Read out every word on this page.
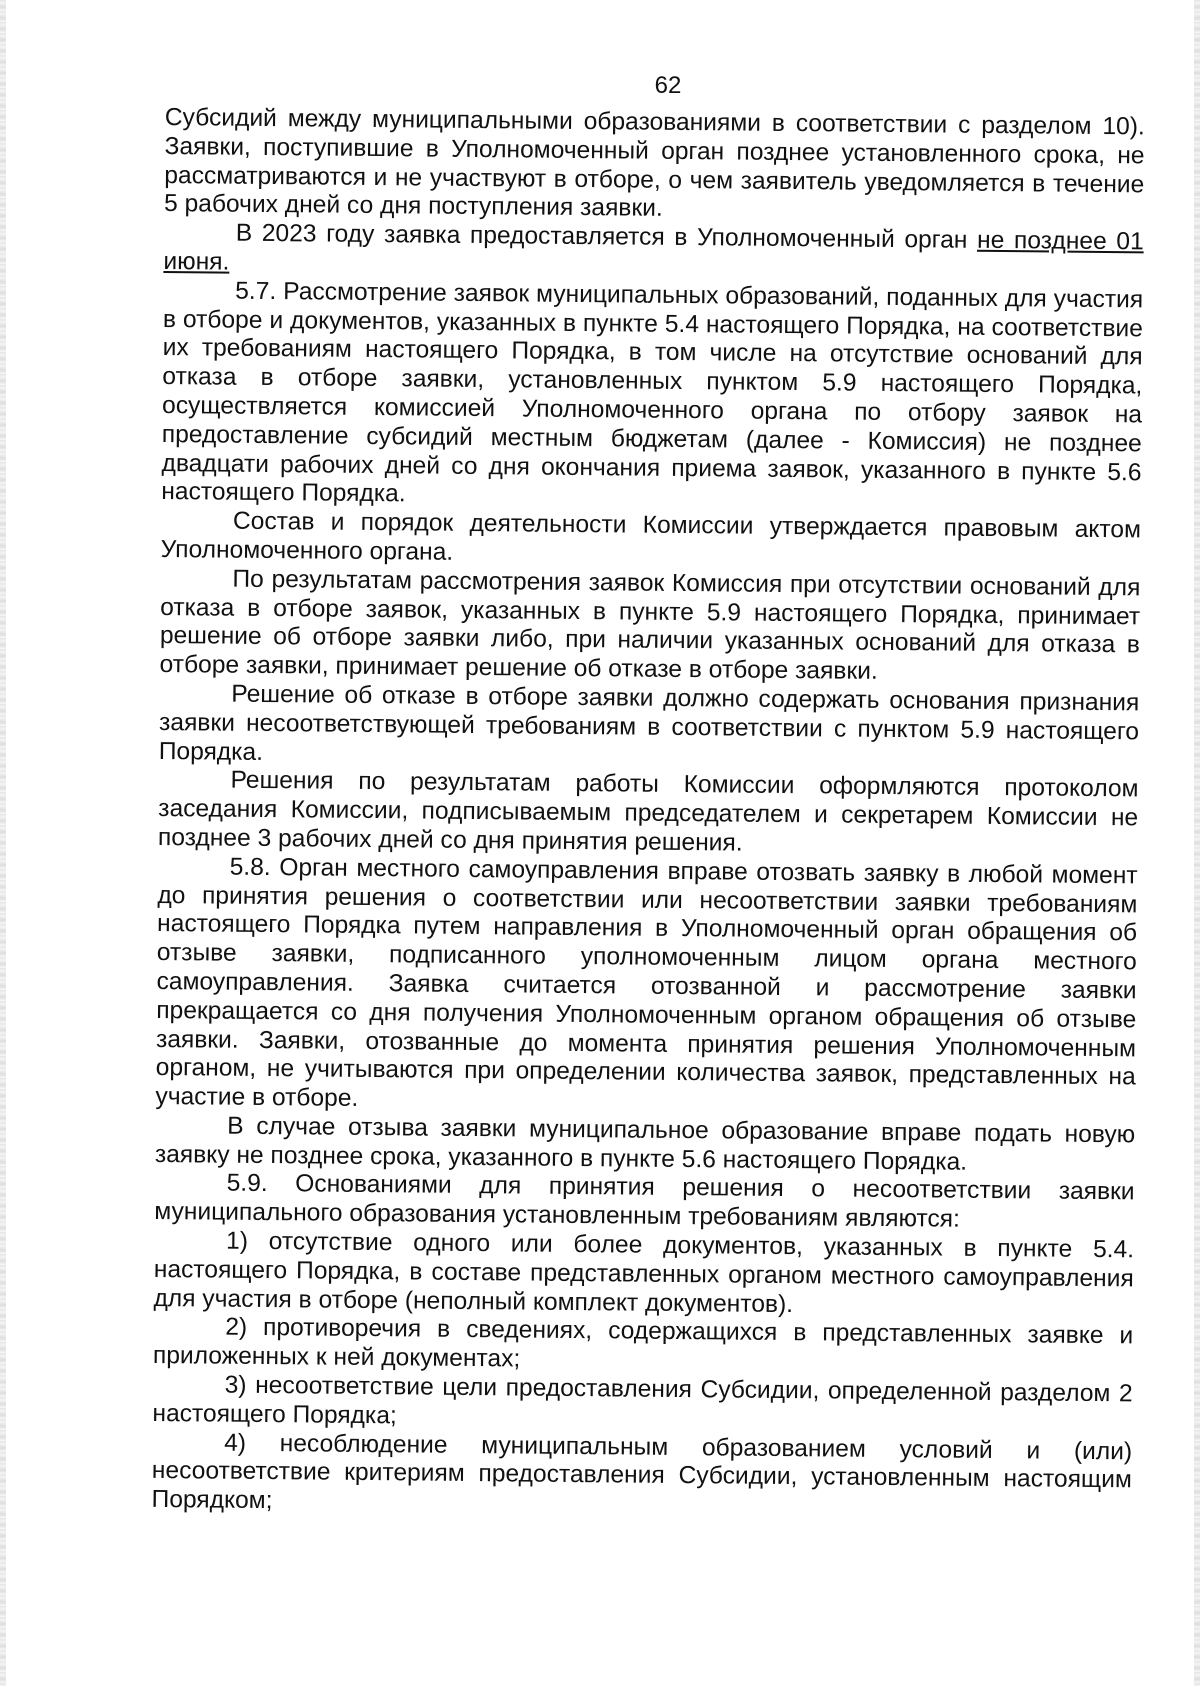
62

Субсидий между муниципальными образованиями в соответствии с разделом 10). Заявки, поступившие в Уполномоченный орган позднее установленного срока, не рассматриваются и не участвуют в отборе, о чем заявитель уведомляется в течение 5 рабочих дней со дня поступления заявки.

В 2023 году заявка предоставляется в Уполномоченный орган не позднее 01 июня.

5.7. Рассмотрение заявок муниципальных образований, поданных для участия в отборе и документов, указанных в пункте 5.4 настоящего Порядка, на соответствие их требованиям настоящего Порядка, в том числе на отсутствие оснований для отказа в отборе заявки, установленных пунктом 5.9 настоящего Порядка, осуществляется комиссией Уполномоченного органа по отбору заявок на предоставление субсидий местным бюджетам (далее - Комиссия) не позднее двадцати рабочих дней со дня окончания приема заявок, указанного в пункте 5.6 настоящего Порядка.

Состав и порядок деятельности Комиссии утверждается правовым актом Уполномоченного органа.

По результатам рассмотрения заявок Комиссия при отсутствии оснований для отказа в отборе заявок, указанных в пункте 5.9 настоящего Порядка, принимает решение об отборе заявки либо, при наличии указанных оснований для отказа в отборе заявки, принимает решение об отказе в отборе заявки.

Решение об отказе в отборе заявки должно содержать основания признания заявки несоответствующей требованиям в соответствии с пунктом 5.9 настоящего Порядка.

Решения по результатам работы Комиссии оформляются протоколом заседания Комиссии, подписываемым председателем и секретарем Комиссии не позднее 3 рабочих дней со дня принятия решения.

5.8. Орган местного самоуправления вправе отозвать заявку в любой момент до принятия решения о соответствии или несоответствии заявки требованиям настоящего Порядка путем направления в Уполномоченный орган обращения об отзыве заявки, подписанного уполномоченным лицом органа местного самоуправления. Заявка считается отозванной и рассмотрение заявки прекращается со дня получения Уполномоченным органом обращения об отзыве заявки. Заявки, отозванные до момента принятия решения Уполномоченным органом, не учитываются при определении количества заявок, представленных на участие в отборе.

В случае отзыва заявки муниципальное образование вправе подать новую заявку не позднее срока, указанного в пункте 5.6 настоящего Порядка.

5.9. Основаниями для принятия решения о несоответствии заявки муниципального образования установленным требованиям являются:

1) отсутствие одного или более документов, указанных в пункте 5.4. настоящего Порядка, в составе представленных органом местного самоуправления для участия в отборе (неполный комплект документов).

2) противоречия в сведениях, содержащихся в представленных заявке и приложенных к ней документах;

3) несоответствие цели предоставления Субсидии, определенной разделом 2 настоящего Порядка;

4) несоблюдение муниципальным образованием условий и (или) несоответствие критериям предоставления Субсидии, установленным настоящим Порядком;
